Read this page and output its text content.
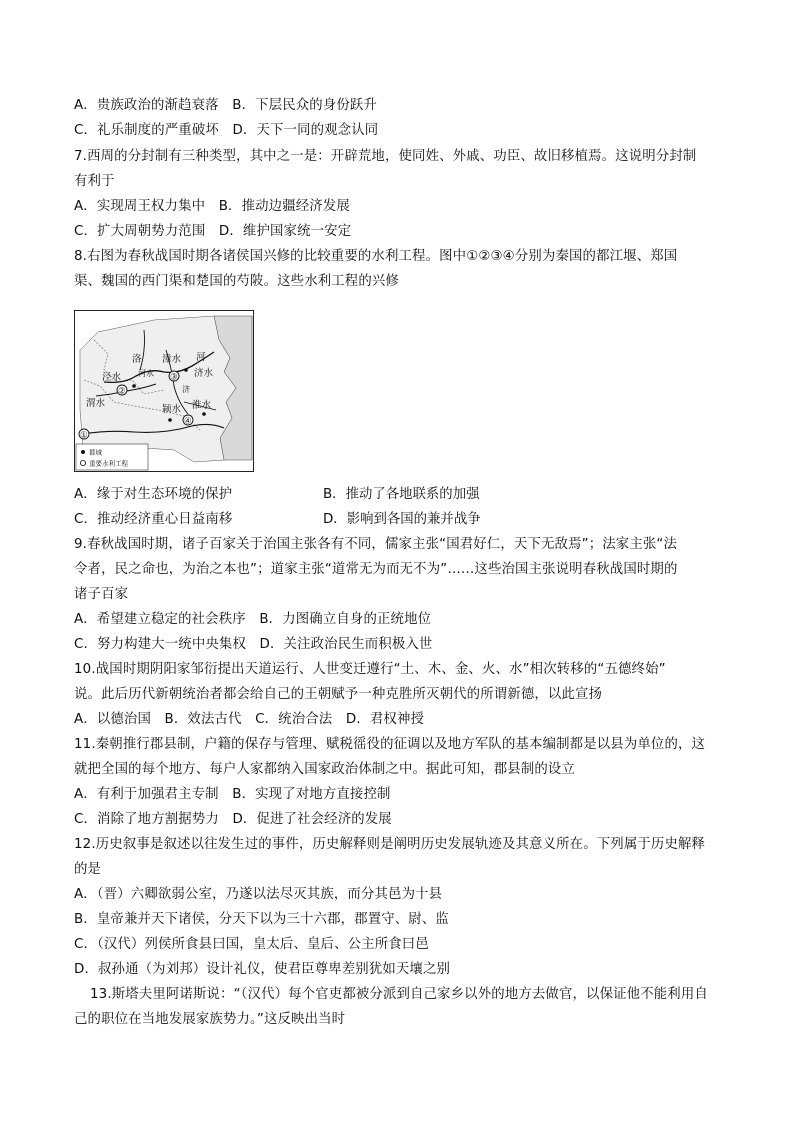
A．贵族政治的渐趋衰落　B．下层民众的身份跃升
C．礼乐制度的严重破坏　D．天下一同的观念认同
7.西周的分封制有三种类型，其中之一是：开辟荒地，使同姓、外戚、功臣、故旧移植焉。这说明分封制
有利于
A．实现周王权力集中　B．推动边疆经济发展
C．扩大周朝势力范围　D．维护国家统一安定
8.右图为春秋战国时期各诸侯国兴修的比较重要的水利工程。图中①②③④分别为秦国的都江堰、郑国
渠、魏国的西门渠和楚国的芍陂。这些水利工程的兴修
泾水
渭水
洛
河水
漳水
济水
河
颍水 淮水
济
①
②
③
④
都城
重要水利工程
A．缘于对生态环境的保护	B．推动了各地联系的加强
C．推动经济重心日益南移	D．影响到各国的兼并战争
9.春秋战国时期，诸子百家关于治国主张各有不同，儒家主张“国君好仁，天下无敌焉”；法家主张“法
令者，民之命也，为治之本也”；道家主张“道常无为而无不为”……这些治国主张说明春秋战国时期的
诸子百家
A．希望建立稳定的社会秩序　B．力图确立自身的正统地位
C．努力构建大一统中央集权　D．关注政治民生而积极入世
10.战国时期阴阳家邹衍提出天道运行、人世变迁遵行“土、木、金、火、水”相次转移的“五德终始”
说。此后历代新朝统治者都会给自己的王朝赋予一种克胜所灭朝代的所谓新德，以此宣扬
A．以德治国　B．效法古代　C．统治合法　D．君权神授
11.秦朝推行郡县制，户籍的保存与管理、赋税徭役的征调以及地方军队的基本编制都是以县为单位的，这
就把全国的每个地方、每户人家都纳入国家政治体制之中。据此可知，郡县制的设立
A．有利于加强君主专制　B．实现了对地方直接控制
C．消除了地方割据势力　D．促进了社会经济的发展
12.历史叙事是叙述以往发生过的事件，历史解释则是阐明历史发展轨迹及其意义所在。下列属于历史解释
的是
A．（晋）六卿欲弱公室，乃遂以法尽灭其族，而分其邑为十县
B．皇帝兼并天下诸侯，分天下以为三十六郡，郡置守、尉、监
C．（汉代）列侯所食县曰国，皇太后、皇后、公主所食曰邑
D．叔孙通（为刘邦）设计礼仪，使君臣尊卑差别犹如天壤之别
13.斯塔夫里阿诺斯说：“（汉代）每个官吏都被分派到自己家乡以外的地方去做官，以保证他不能利用自
己的职位在当地发展家族势力。”这反映出当时
